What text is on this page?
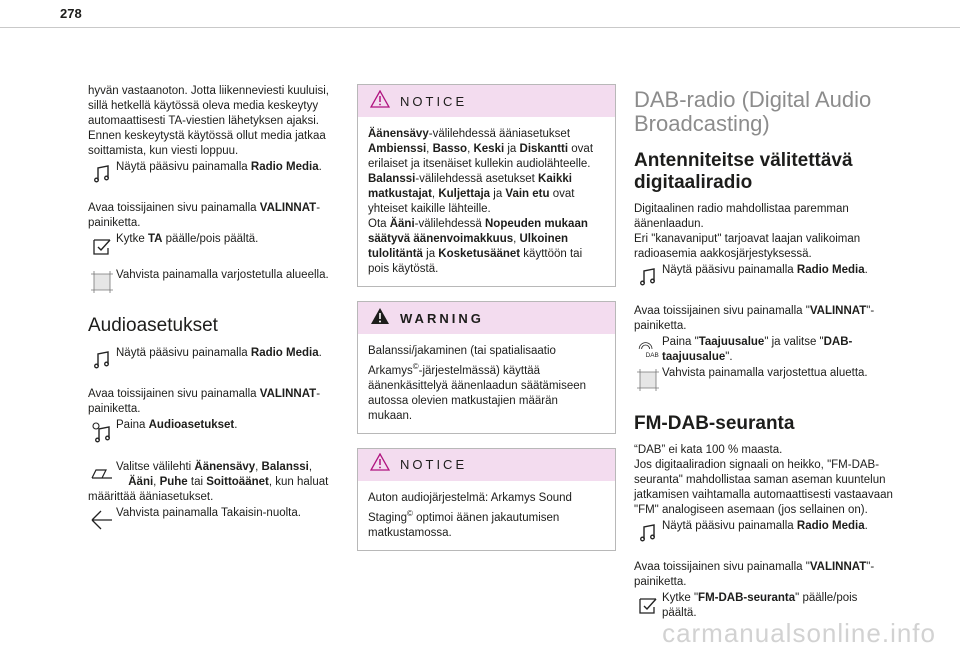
278

hyvän vastaanoton. Jotta liikenneviesti kuuluisi, sillä hetkellä käytössä oleva media keskeytyy automaattisesti TA-viestien lähetyksen ajaksi. Ennen keskeytystä käytössä ollut media jatkaa soittamista, kun viesti loppuu.

Näytä pääsivu painamalla Radio Media.

Avaa toissijainen sivu painamalla VALINNAT-painiketta.

Kytke TA päälle/pois päältä.
Vahvista painamalla varjostetulla alueella.
Audioasetukset
Näytä pääsivu painamalla Radio Media.

Avaa toissijainen sivu painamalla VALINNAT-painiketta.

Paina Audioasetukset.
Valitse välilehti Äänensävy, Balanssi,

Ääni, Puhe tai Soittoäänet, kun haluat määrittää ääniasetukset.

Vahvista painamalla Takaisin-nuolta.
NOTICE
Äänensävy-välilehdessä ääniasetukset Ambienssi, Basso, Keski ja Diskantti ovat erilaiset ja itsenäiset kullekin audiolähteelle.
Balanssi-välilehdessä asetukset Kaikki matkustajat, Kuljettaja ja Vain etu ovat yhteiset kaikille lähteille.
Ota Ääni-välilehdessä Nopeuden mukaan säätyvä äänenvoimakkuus, Ulkoinen tulolitäntä ja Kosketusäänet käyttöön tai pois käytöstä.
WARNING
Balanssi/jakaminen (tai spatialisaatio Arkamys©-järjestelmässä) käyttää äänenkäsittelyä äänenlaadun säätämiseen autossa olevien matkustajien määrän mukaan.
NOTICE
Auton audiojärjestelmä: Arkamys Sound Staging© optimoi äänen jakautumisen matkustamossa.
DAB-radio (Digital Audio Broadcasting)
Antenniteitse välitettävä digitaaliradio

Digitaalinen radio mahdollistaa paremman äänenlaadun.

Eri "kanavaniput" tarjoavat laajan valikoiman radioasemia aakkosjärjestyksessä.

Näytä pääsivu painamalla Radio Media.

Avaa toissijainen sivu painamalla "VALINNAT"-painiketta.

DAB
Paina "Taajuusalue" ja valitse "DAB-taajuusalue".
Vahvista painamalla varjostettua aluetta.
FM-DAB-seuranta

“DAB” ei kata 100 % maasta.

Jos digitaaliradion signaali on heikko, "FM-DAB-seuranta" mahdollistaa saman aseman kuuntelun jatkamisen vaihtamalla automaattisesti vastaavaan "FM" analogiseen asemaan (jos sellainen on).

Näytä pääsivu painamalla Radio Media.

Avaa toissijainen sivu painamalla "VALINNAT"-painiketta.

Kytke "FM-DAB-seuranta" päälle/pois päältä.
carmanualsonline.info
